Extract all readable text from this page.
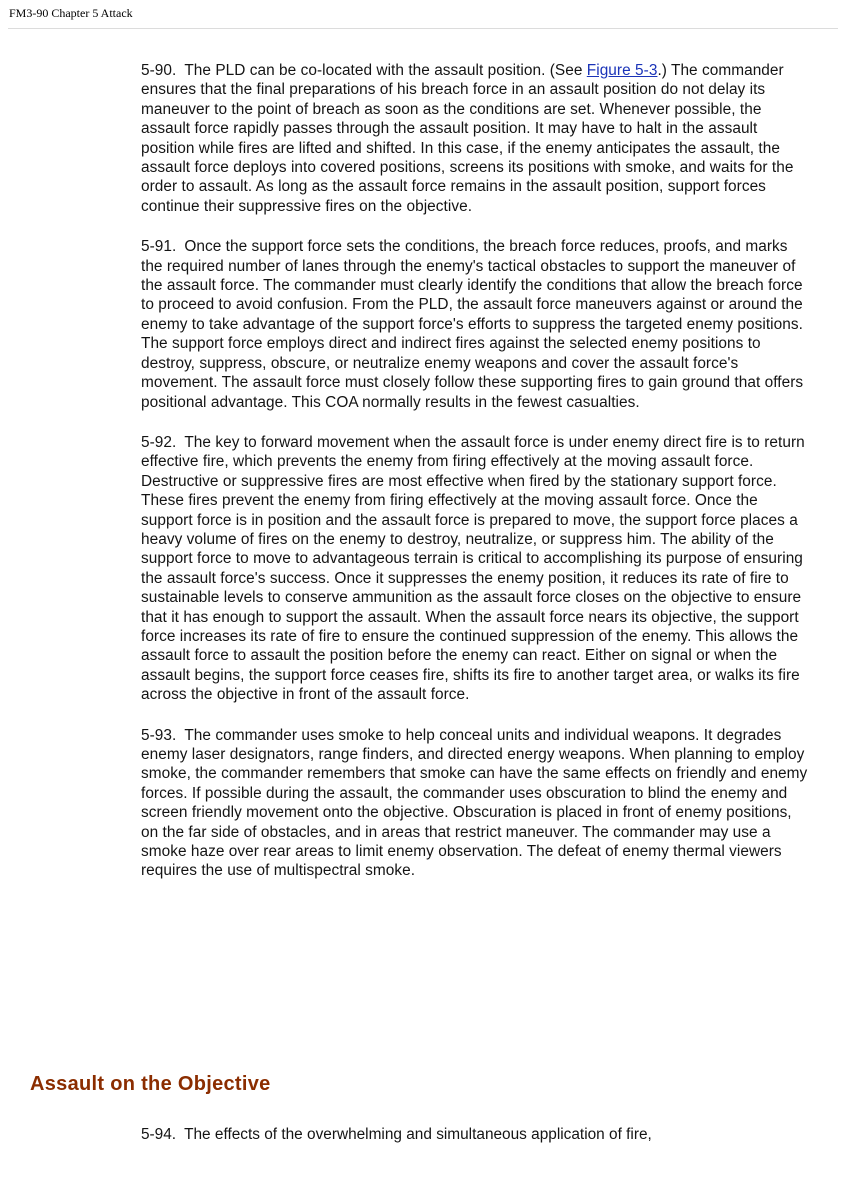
FM3-90 Chapter 5 Attack

5-90. The PLD can be co-located with the assault position. (See Figure 5-3.) The commander ensures that the final preparations of his breach force in an assault position do not delay its maneuver to the point of breach as soon as the conditions are set. Whenever possible, the assault force rapidly passes through the assault position. It may have to halt in the assault position while fires are lifted and shifted. In this case, if the enemy anticipates the assault, the assault force deploys into covered positions, screens its positions with smoke, and waits for the order to assault. As long as the assault force remains in the assault position, support forces continue their suppressive fires on the objective.

5-91. Once the support force sets the conditions, the breach force reduces, proofs, and marks the required number of lanes through the enemy's tactical obstacles to support the maneuver of the assault force. The commander must clearly identify the conditions that allow the breach force to proceed to avoid confusion. From the PLD, the assault force maneuvers against or around the enemy to take advantage of the support force's efforts to suppress the targeted enemy positions. The support force employs direct and indirect fires against the selected enemy positions to destroy, suppress, obscure, or neutralize enemy weapons and cover the assault force's movement. The assault force must closely follow these supporting fires to gain ground that offers positional advantage. This COA normally results in the fewest casualties.

5-92. The key to forward movement when the assault force is under enemy direct fire is to return effective fire, which prevents the enemy from firing effectively at the moving assault force. Destructive or suppressive fires are most effective when fired by the stationary support force. These fires prevent the enemy from firing effectively at the moving assault force. Once the support force is in position and the assault force is prepared to move, the support force places a heavy volume of fires on the enemy to destroy, neutralize, or suppress him. The ability of the support force to move to advantageous terrain is critical to accomplishing its purpose of ensuring the assault force's success. Once it suppresses the enemy position, it reduces its rate of fire to sustainable levels to conserve ammunition as the assault force closes on the objective to ensure that it has enough to support the assault. When the assault force nears its objective, the support force increases its rate of fire to ensure the continued suppression of the enemy. This allows the assault force to assault the position before the enemy can react. Either on signal or when the assault begins, the support force ceases fire, shifts its fire to another target area, or walks its fire across the objective in front of the assault force.

5-93. The commander uses smoke to help conceal units and individual weapons. It degrades enemy laser designators, range finders, and directed energy weapons. When planning to employ smoke, the commander remembers that smoke can have the same effects on friendly and enemy forces. If possible during the assault, the commander uses obscuration to blind the enemy and screen friendly movement onto the objective. Obscuration is placed in front of enemy positions, on the far side of obstacles, and in areas that restrict maneuver. The commander may use a smoke haze over rear areas to limit enemy observation. The defeat of enemy thermal viewers requires the use of multispectral smoke.

Assault on the Objective

5-94. The effects of the overwhelming and simultaneous application of fire,
